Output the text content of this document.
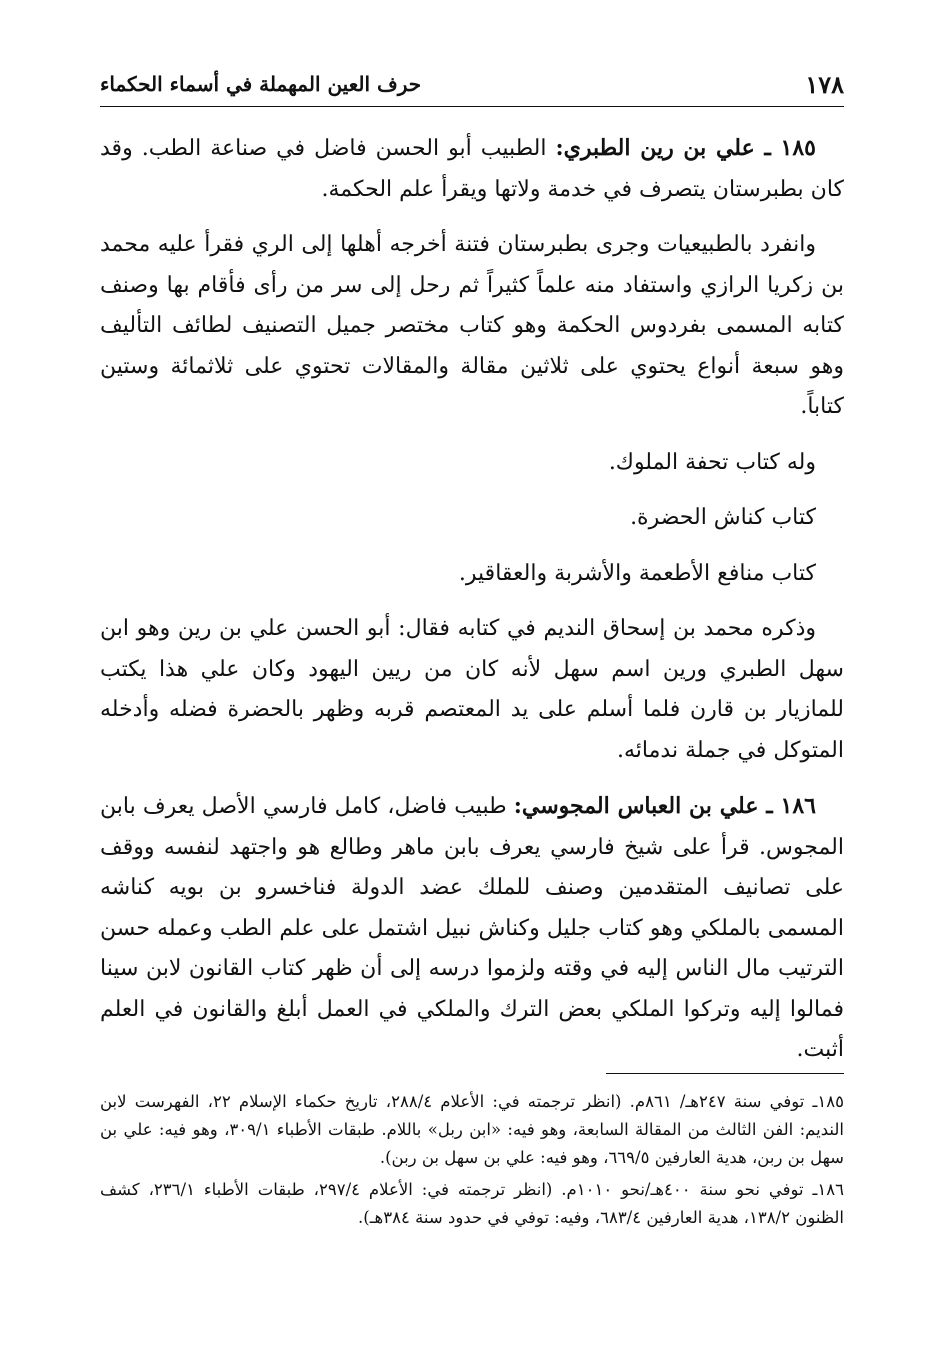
١٧٨
حرف العين المهملة في أسماء الحكماء

١٨٥ ـ علي بن رين الطبري: الطبيب أبو الحسن فاضل في صناعة الطب. وقد كان بطبرستان يتصرف في خدمة ولاتها ويقرأ علم الحكمة.

وانفرد بالطبيعيات وجرى بطبرستان فتنة أخرجه أهلها إلى الري فقرأ عليه محمد بن زكريا الرازي واستفاد منه علماً كثيراً ثم رحل إلى سر من رأى فأقام بها وصنف كتابه المسمى بفردوس الحكمة وهو كتاب مختصر جميل التصنيف لطائف التأليف وهو سبعة أنواع يحتوي على ثلاثين مقالة والمقالات تحتوي على ثلاثمائة وستين كتاباً.

وله كتاب تحفة الملوك.

كتاب كناش الحضرة.

كتاب منافع الأطعمة والأشربة والعقاقير.

وذكره محمد بن إسحاق النديم في كتابه فقال: أبو الحسن علي بن رين وهو ابن سهل الطبري ورين اسم سهل لأنه كان من ريين اليهود وكان علي هذا يكتب للمازيار بن قارن فلما أسلم على يد المعتصم قربه وظهر بالحضرة فضله وأدخله المتوكل في جملة ندمائه.

١٨٦ ـ علي بن العباس المجوسي: طبيب فاضل، كامل فارسي الأصل يعرف بابن المجوس. قرأ على شيخ فارسي يعرف بابن ماهر وطالع هو واجتهد لنفسه ووقف على تصانيف المتقدمين وصنف للملك عضد الدولة فناخسرو بن بويه كناشه المسمى بالملكي وهو كتاب جليل وكناش نبيل اشتمل على علم الطب وعمله حسن الترتيب مال الناس إليه في وقته ولزموا درسه إلى أن ظهر كتاب القانون لابن سينا فمالوا إليه وتركوا الملكي بعض الترك والملكي في العمل أبلغ والقانون في العلم أثبت.

١٨٥ـ توفي سنة ٢٤٧هـ/ ٨٦١م. (انظر ترجمته في: الأعلام ٢٨٨/٤، تاريخ حكماء الإسلام ٢٢، الفهرست لابن النديم: الفن الثالث من المقالة السابعة، وهو فيه: «ابن ربل» باللام. طبقات الأطباء ٣٠٩/١، وهو فيه: علي بن سهل بن ربن، هدية العارفين ٦٦٩/٥، وهو فيه: علي بن سهل بن ربن).

١٨٦ـ توفي نحو سنة ٤٠٠هـ/نحو ١٠١٠م. (انظر ترجمته في: الأعلام ٢٩٧/٤، طبقات الأطباء ٢٣٦/١، كشف الظنون ١٣٨/٢، هدية العارفين ٦٨٣/٤، وفيه: توفي في حدود سنة ٣٨٤هـ).
